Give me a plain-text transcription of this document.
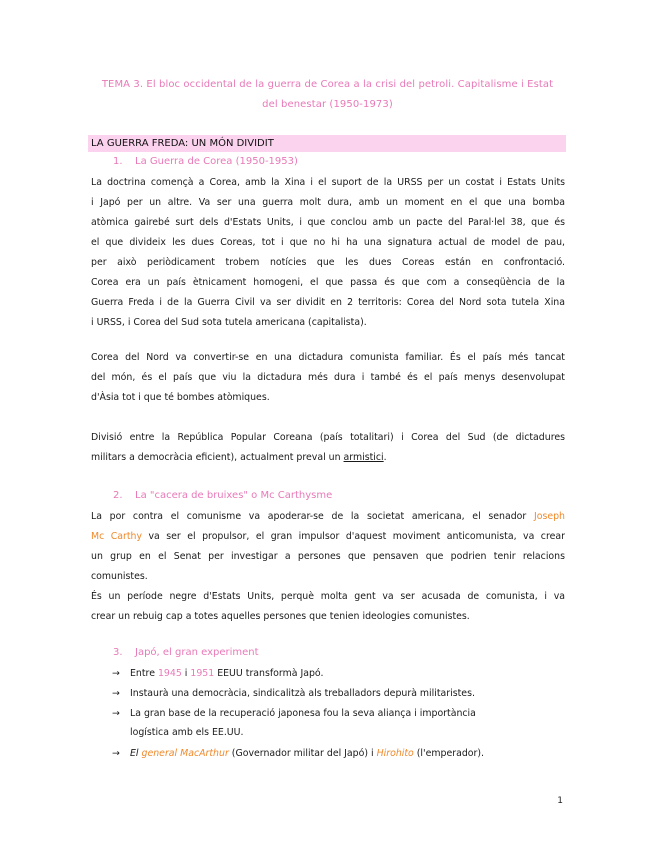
TEMA 3. El bloc occidental de la guerra de Corea a la crisi del petroli. Capitalisme i Estat
del benestar (1950-1973)
LA GUERRA FREDA: UN MÓN DIVIDIT
1. La Guerra de Corea (1950-1953)
La doctrina començà a Corea, amb la Xina i el suport de la URSS per un costat i Estats Units
i Japó per un altre. Va ser una guerra molt dura, amb un moment en el que una bomba
atòmica gairebé surt dels d'Estats Units, i que conclou amb un pacte del Paral·lel 38, que és
el que divideix les dues Coreas, tot i que no hi ha una signatura actual de model de pau,
per això periòdicament trobem notícies que les dues Coreas están en confrontació.
Corea era un país ètnicament homogeni, el que passa és que com a conseqüència de la
Guerra Freda i de la Guerra Civil va ser dividit en 2 territoris: Corea del Nord sota tutela Xina
i URSS, i Corea del Sud sota tutela americana (capitalista).
Corea del Nord va convertir-se en una dictadura comunista familiar. És el país més tancat
del món, és el país que viu la dictadura més dura i també és el país menys desenvolupat
d'Àsia tot i que té bombes atòmiques.
Divisió entre la República Popular Coreana (país totalitari) i Corea del Sud (de dictadures
militars a democràcia eficient), actualment preval un armistici.
2. La "cacera de bruixes" o Mc Carthysme
La por contra el comunisme va apoderar-se de la societat americana, el senador Joseph
Mc Carthy va ser el propulsor, el gran impulsor d'aquest moviment anticomunista, va crear
un grup en el Senat per investigar a persones que pensaven que podrien tenir relacions
comunistes.
És un període negre d'Estats Units, perquè molta gent va ser acusada de comunista, i va
crear un rebuig cap a totes aquelles persones que tenien ideologies comunistes.
3. Japó, el gran experiment
→ Entre 1945 i 1951 EEUU transformà Japó.
→ Instaurà una democràcia, sindicalitzà als treballadors depurà militaristes.
→ La gran base de la recuperació japonesa fou la seva aliança i importància
logística amb els EE.UU.
→ El general MacArthur (Governador militar del Japó) i Hirohito (l'emperador).
1
